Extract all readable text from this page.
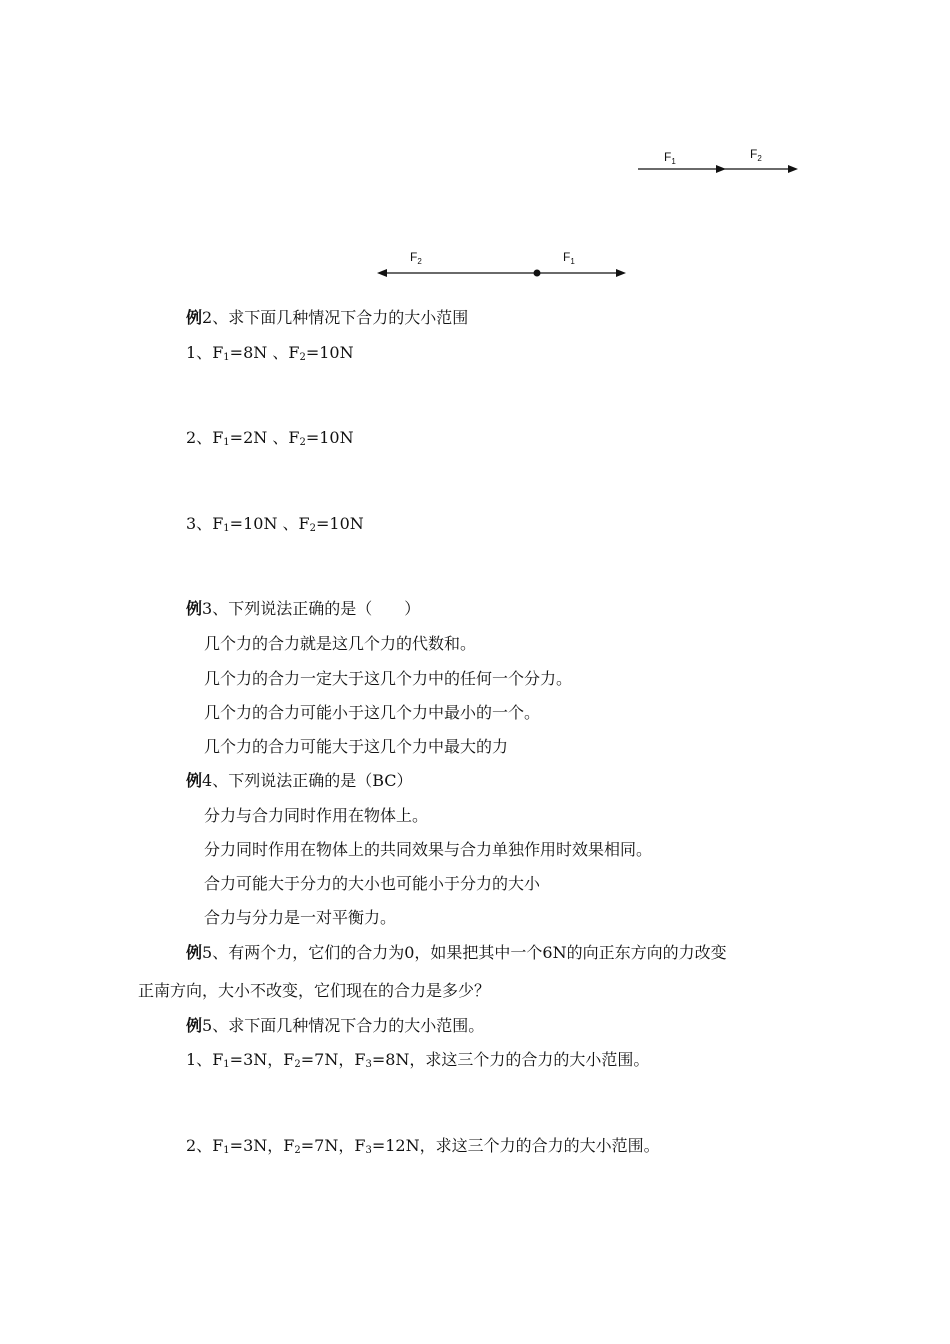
$F_1$
$F_2$
$F_2$	$F_1$
例2、求下面几种情况下合力的大小范围
1、$F_1=8N$ 、$F_2=10N$
2、$F_1=2N$ 、$F_2=10N$
3、$F_1=10N$ 、$F_2=10N$
例3、下列说法正确的是（　　）
几个力的合力就是这几个力的代数和。
几个力的合力一定大于这几个力中的任何一个分力。
几个力的合力可能小于这几个力中最小的一个。
几个力的合力可能大于这几个力中最大的力
例4、下列说法正确的是（BC）
分力与合力同时作用在物体上。
分力同时作用在物体上的共同效果与合力单独作用时效果相同。
合力可能大于分力的大小也可能小于分力的大小
合力与分力是一对平衡力。
例5、有两个力，它们的合力为0，如果把其中一个6N的向正东方向的力改变
正南方向，大小不改变，它们现在的合力是多少？
例5、求下面几种情况下合力的大小范围。
1、$F_1=3N$，$F_2=7N$，$F_3=8N$，求这三个力的合力的大小范围。
2、$F_1=3N$，$F_2=7N$，$F_3=12N$，求这三个力的合力的大小范围。
